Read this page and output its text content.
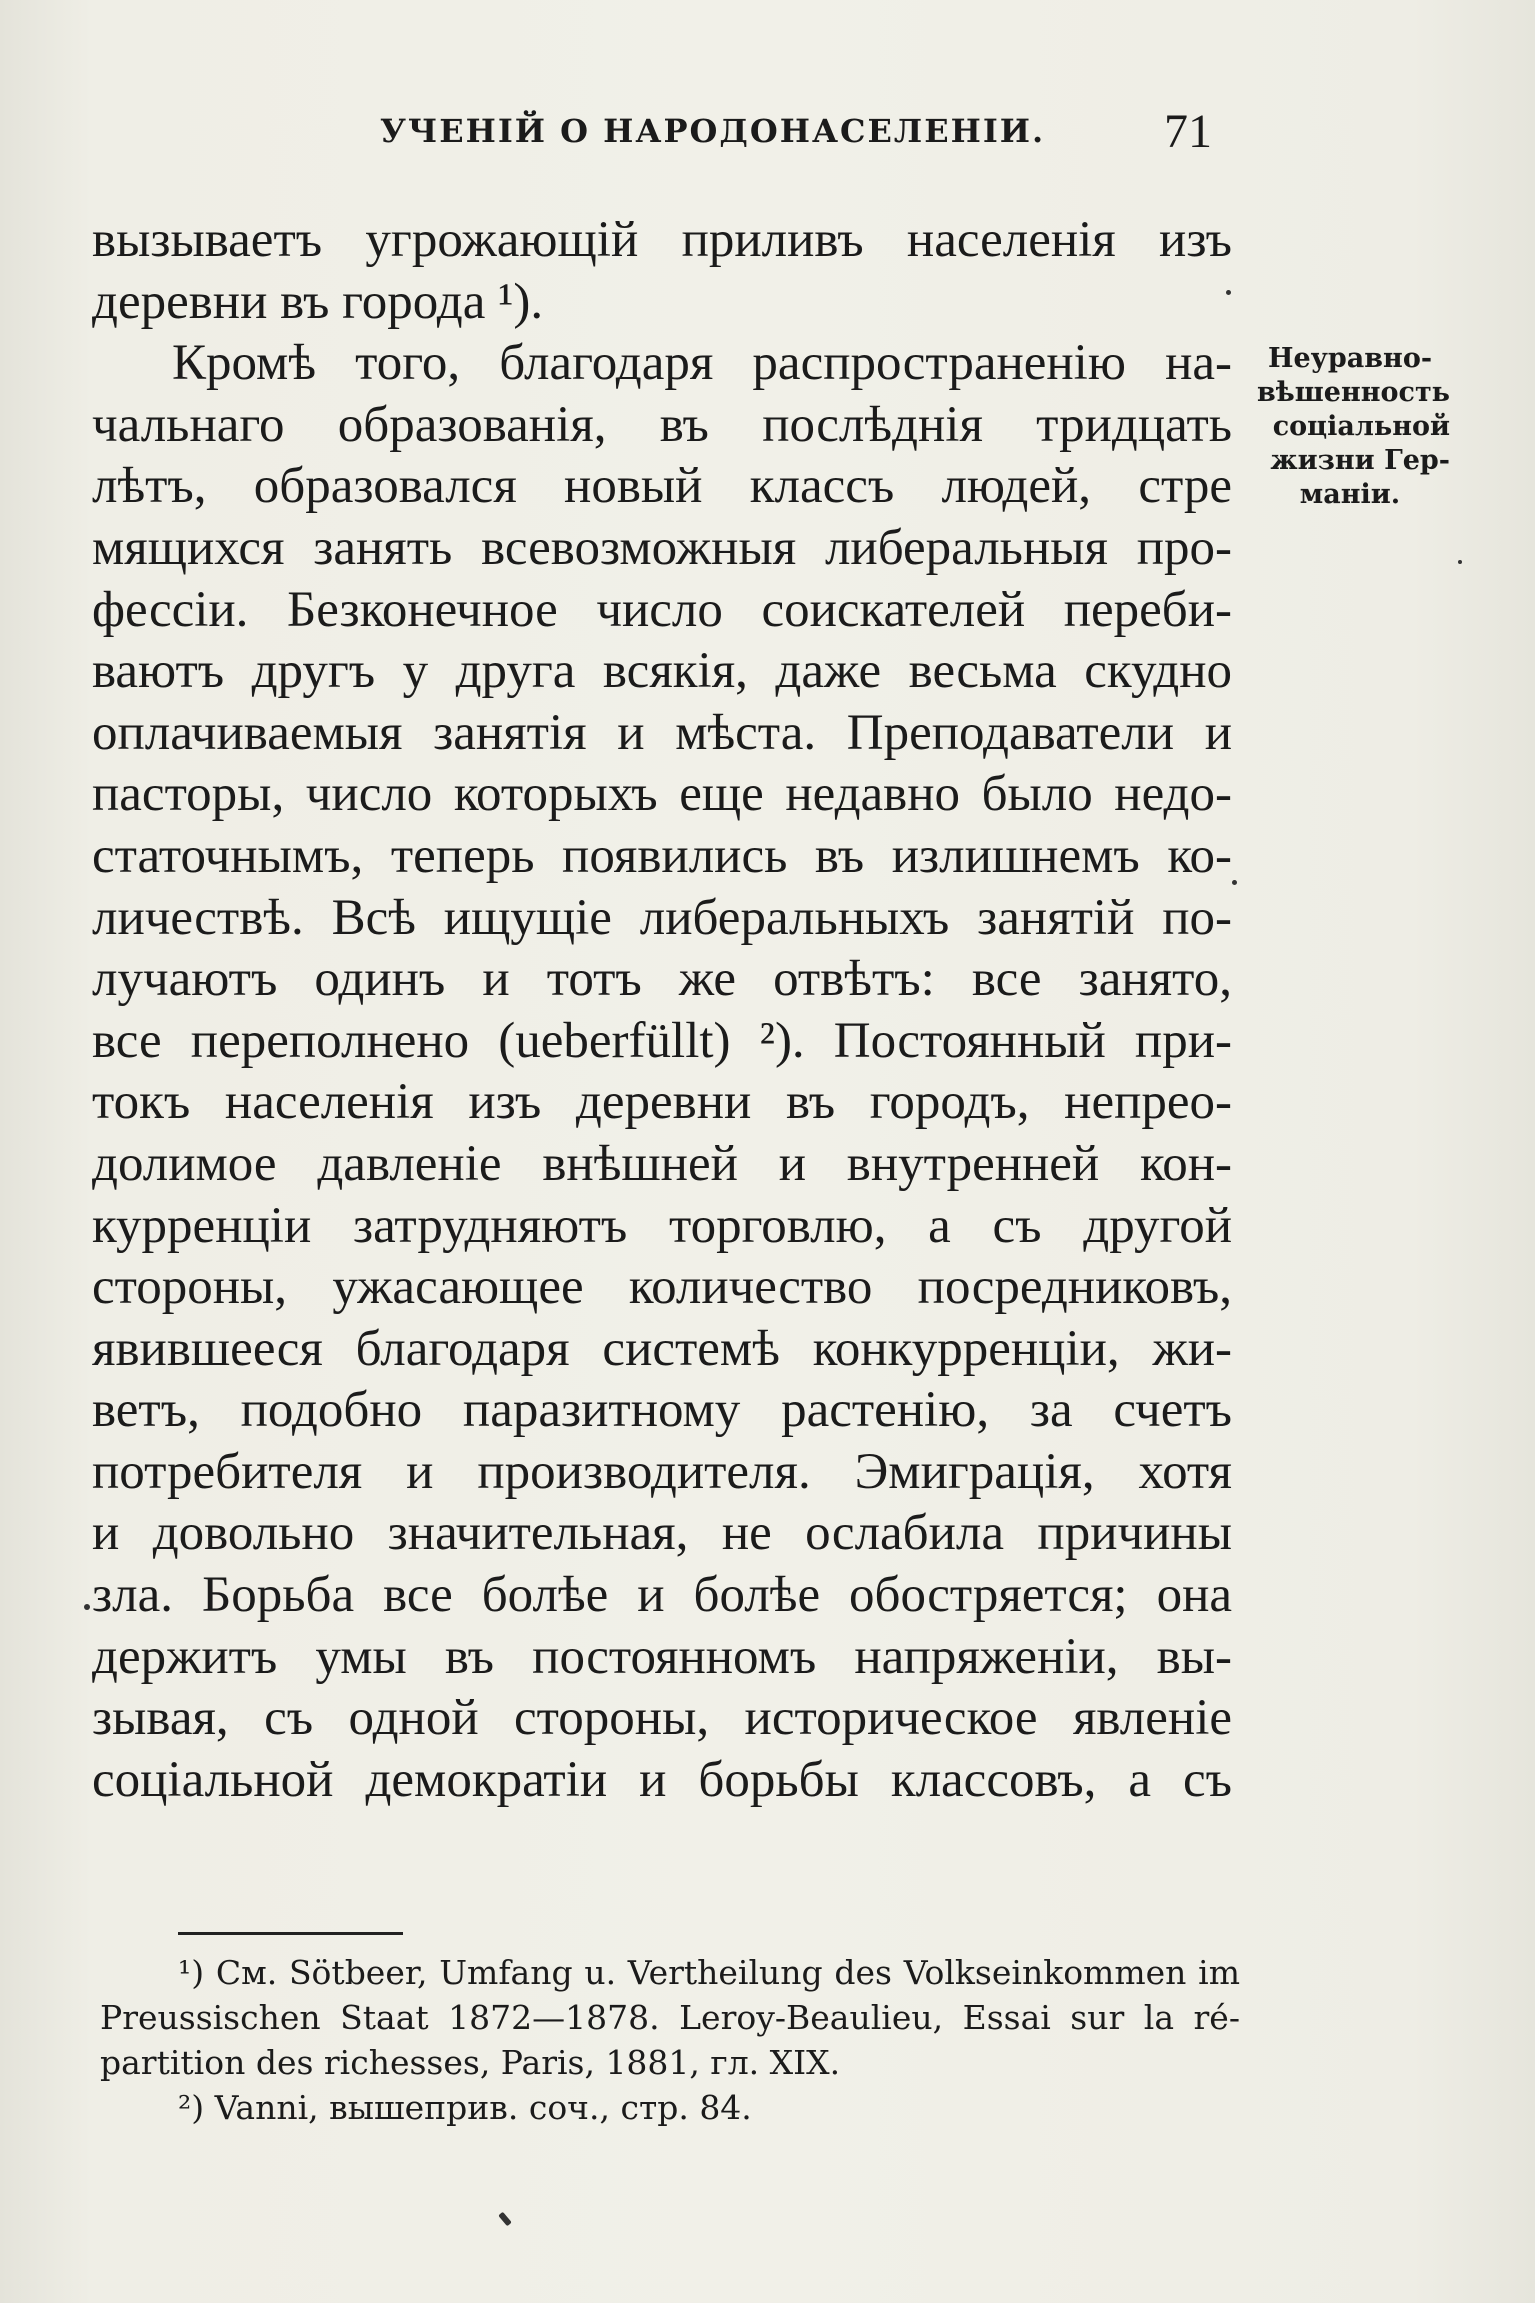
УЧЕНІЙ О НАРОДОНАСЕЛЕНІИ. 71
вызываетъ угрожающій приливъ населенія изъ
деревни въ города ¹).
Кромѣ того, благодаря распространенію на-
чальнаго образованія, въ послѣднія тридцать
лѣтъ, образовался новый классъ людей, стре
мящихся занять всевозможныя либеральныя про-
фессіи. Безконечное число соискателей переби-
ваютъ другъ у друга всякія, даже весьма скудно
оплачиваемыя занятія и мѣста. Преподаватели и
пасторы, число которыхъ еще недавно было недо-
статочнымъ, теперь появились въ излишнемъ ко-
личествѣ. Всѣ ищущіе либеральныхъ занятій по-
лучаютъ одинъ и тотъ же отвѣтъ: все занято,
все переполнено (ueberfüllt) ²). Постоянный при-
токъ населенія изъ деревни въ городъ, непрео-
долимое давленіе внѣшней и внутренней кон-
курренціи затрудняютъ торговлю, а съ другой
стороны, ужасающее количество посредниковъ,
явившееся благодаря системѣ конкурренціи, жи-
ветъ, подобно паразитному растенію, за счетъ
потребителя и производителя. Эмиграція, хотя
и довольно значительная, не ослабила причины
зла. Борьба все болѣе и болѣе обостряется; она
держитъ умы въ постоянномъ напряженіи, вы-
зывая, съ одной стороны, историческое явленіе
соціальной демократіи и борьбы классовъ, а съ
Неуравно-
вѣшенность
соціальной
жизни Гер-
маніи.
¹) См. Sötbeer, Umfang u. Vertheilung des Volkseinkommen im
Preussischen Staat 1872—1878. Leroy-Beaulieu, Essai sur la ré-
partition des richesses, Paris, 1881, гл. XIX.
²) Vanni, вышеприв. соч., стр. 84.
